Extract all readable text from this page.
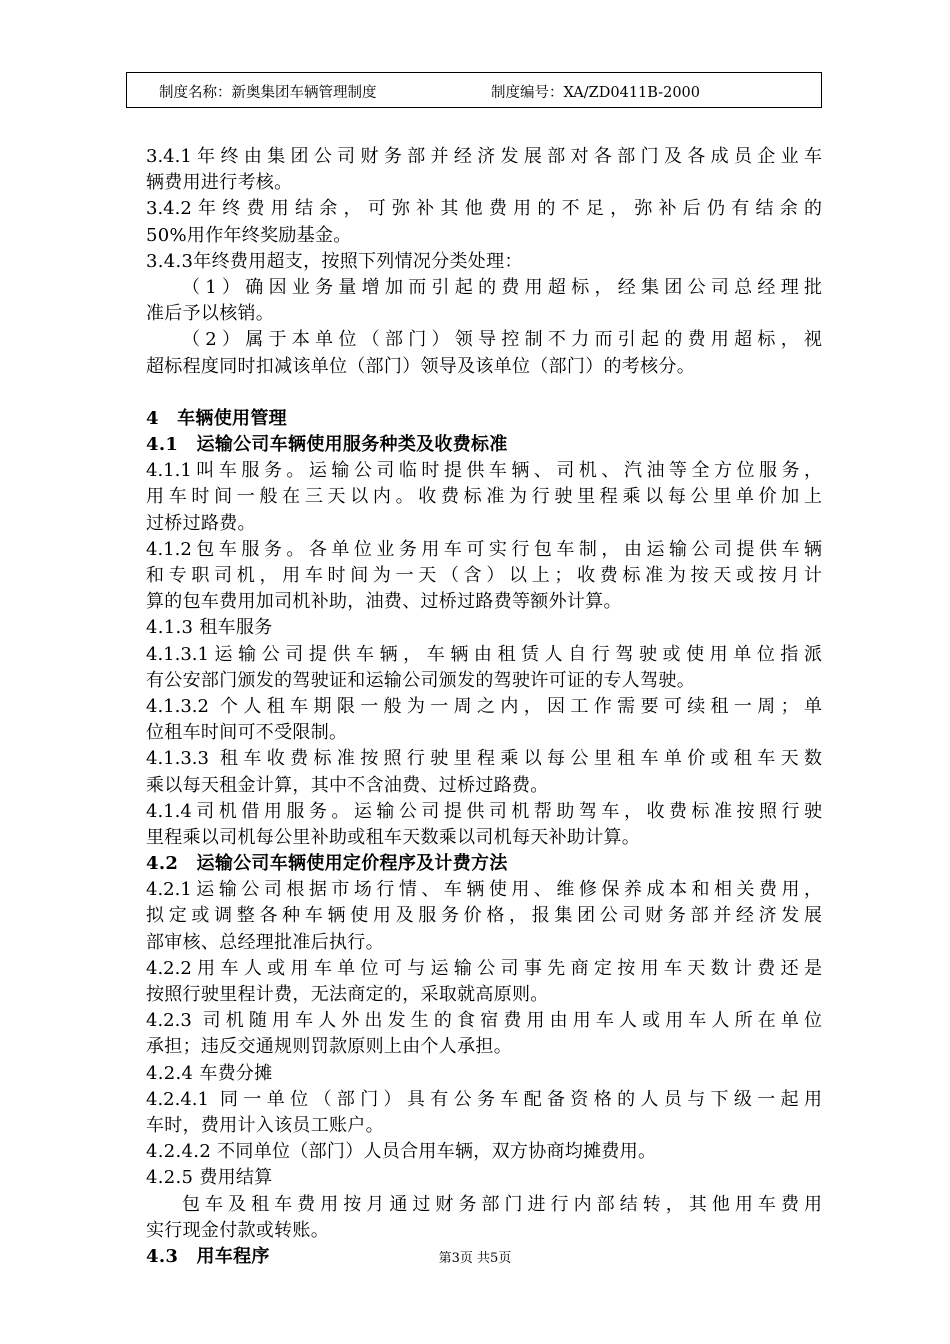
制度名称：新奥集团车辆管理制度	制度编号：XA/ZD0411B-2000
3.4.1年终由集团公司财务部并经济发展部对各部门及各成员企业车
辆费用进行考核。
3.4.2年终费用结余，可弥补其他费用的不足，弥补后仍有结余的
50%用作年终奖励基金。
3.4.3年终费用超支，按照下列情况分类处理：
（1）确因业务量增加而引起的费用超标，经集团公司总经理批
准后予以核销。
（2）属于本单位（部门）领导控制不力而引起的费用超标，视
超标程度同时扣减该单位（部门）领导及该单位（部门）的考核分。
4　车辆使用管理
4.1　运输公司车辆使用服务种类及收费标准
4.1.1叫车服务。运输公司临时提供车辆、司机、汽油等全方位服务，
用车时间一般在三天以内。收费标准为行驶里程乘以每公里单价加上
过桥过路费。
4.1.2包车服务。各单位业务用车可实行包车制，由运输公司提供车辆
和专职司机，用车时间为一天（含）以上；收费标准为按天或按月计
算的包车费用加司机补助，油费、过桥过路费等额外计算。
4.1.3 租车服务
4.1.3.1运输公司提供车辆，车辆由租赁人自行驾驶或使用单位指派
有公安部门颁发的驾驶证和运输公司颁发的驾驶许可证的专人驾驶。
4.1.3.2 个人租车期限一般为一周之内，因工作需要可续租一周；单
位租车时间可不受限制。
4.1.3.3 租车收费标准按照行驶里程乘以每公里租车单价或租车天数
乘以每天租金计算，其中不含油费、过桥过路费。
4.1.4司机借用服务。运输公司提供司机帮助驾车，收费标准按照行驶
里程乘以司机每公里补助或租车天数乘以司机每天补助计算。
4.2　运输公司车辆使用定价程序及计费方法
4.2.1运输公司根据市场行情、车辆使用、维修保养成本和相关费用，
拟定或调整各种车辆使用及服务价格，报集团公司财务部并经济发展
部审核、总经理批准后执行。
4.2.2用车人或用车单位可与运输公司事先商定按用车天数计费还是
按照行驶里程计费，无法商定的，采取就高原则。
4.2.3 司机随用车人外出发生的食宿费用由用车人或用车人所在单位
承担；违反交通规则罚款原则上由个人承担。
4.2.4 车费分摊
4.2.4.1 同一单位（部门）具有公务车配备资格的人员与下级一起用
车时，费用计入该员工账户。
4.2.4.2 不同单位（部门）人员合用车辆，双方协商均摊费用。
4.2.5 费用结算
包车及租车费用按月通过财务部门进行内部结转，其他用车费用
实行现金付款或转账。
4.3　用车程序	第3页 共5页
